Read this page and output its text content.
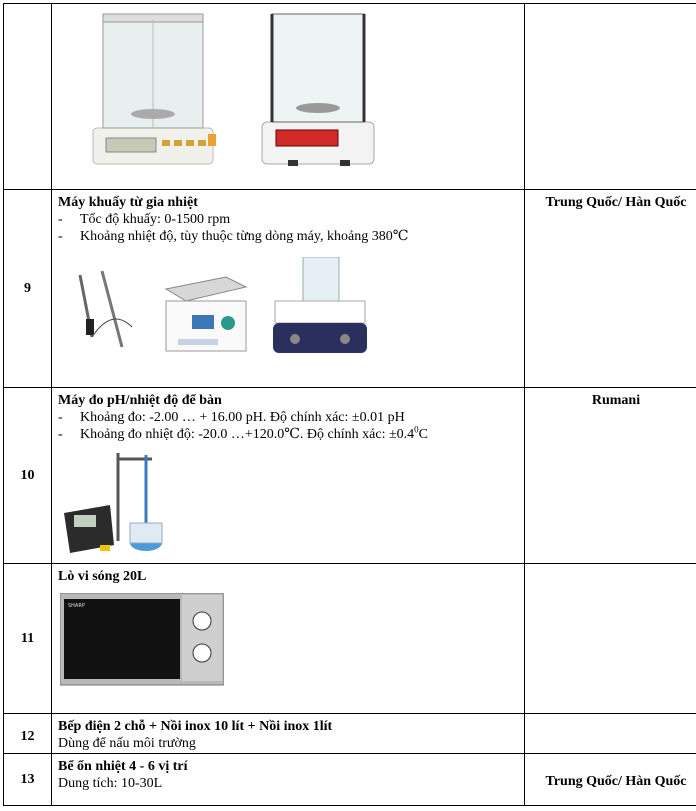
9	Máy khuấy từ gia nhiệt
- Tốc độ khuấy: 0-1500 rpm
- Khoảng nhiệt độ, tùy thuộc từng dòng máy, khoảng 380℃	Trung Quốc/ Hàn Quốc
10	Máy đo pH/nhiệt độ để bàn
- Khoảng đo: -2.00 … + 16.00 pH. Độ chính xác: ±0.01 pH
- Khoảng đo nhiệt độ: -20.0 …+120.0℃. Độ chính xác: $\pm 0.4^0C$	Rumani
11	Lò vi sóng 20L
SHARP	

12	Bếp điện 2 chỗ + Nồi inox 10 lít + Nồi inox 1lít
Dùng để nấu môi trường	

13	Bể ổn nhiệt 4 - 6 vị trí
Dung tích: 10-30L	Trung Quốc/ Hàn Quốc
